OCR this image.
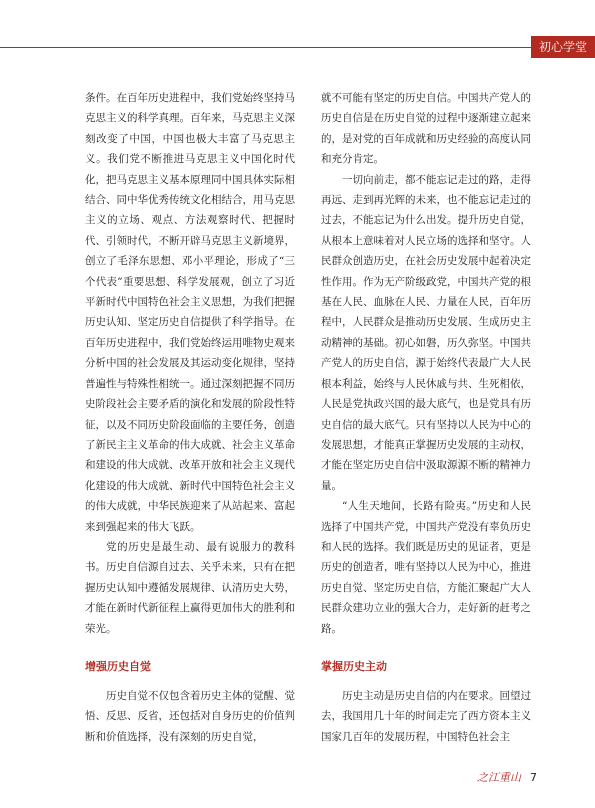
初心学堂

条件。在百年历史进程中，我们党始终坚持马克思主义的科学真理。百年来，马克思主义深刻改变了中国，中国也极大丰富了马克思主义。我们党不断推进马克思主义中国化时代化，把马克思主义基本原理同中国具体实际相结合、同中华优秀传统文化相结合，用马克思主义的立场、观点、方法观察时代、把握时代、引领时代，不断开辟马克思主义新境界，创立了毛泽东思想、邓小平理论，形成了“三个代表”重要思想、科学发展观，创立了习近平新时代中国特色社会主义思想，为我们把握历史认知、坚定历史自信提供了科学指导。在百年历史进程中，我们党始终运用唯物史观来分析中国的社会发展及其运动变化规律，坚持普遍性与特殊性相统一。通过深刻把握不同历史阶段社会主要矛盾的演化和发展的阶段性特征，以及不同历史阶段面临的主要任务，创造了新民主主义革命的伟大成就、社会主义革命和建设的伟大成就、改革开放和社会主义现代化建设的伟大成就、新时代中国特色社会主义的伟大成就，中华民族迎来了从站起来、富起来到强起来的伟大飞跃。

党的历史是最生动、最有说服力的教科书。历史自信源自过去、关乎未来，只有在把握历史认知中遵循发展规律、认清历史大势，才能在新时代新征程上赢得更加伟大的胜利和荣光。

增强历史自觉

历史自觉不仅包含着历史主体的觉醒、觉悟、反思、反省，还包括对自身历史的价值判断和价值选择，没有深刻的历史自觉，

就不可能有坚定的历史自信。中国共产党人的历史自信是在历史自觉的过程中逐渐建立起来的，是对党的百年成就和历史经验的高度认同和充分肯定。

一切向前走，都不能忘记走过的路，走得再远、走到再光辉的未来，也不能忘记走过的过去，不能忘记为什么出发。提升历史自觉，从根本上意味着对人民立场的选择和坚守。人民群众创造历史，在社会历史发展中起着决定性作用。作为无产阶级政党，中国共产党的根基在人民、血脉在人民、力量在人民，百年历程中，人民群众是推动历史发展、生成历史主动精神的基础。初心如磐，历久弥坚。中国共产党人的历史自信，源于始终代表最广大人民根本利益，始终与人民休戚与共、生死相依，人民是党执政兴国的最大底气，也是党具有历史自信的最大底气。只有坚持以人民为中心的发展思想，才能真正掌握历史发展的主动权，才能在坚定历史自信中汲取源源不断的精神力量。

“人生天地间，长路有险夷。”历史和人民选择了中国共产党，中国共产党没有辜负历史和人民的选择。我们既是历史的见证者，更是历史的创造者，唯有坚持以人民为中心，推进历史自觉、坚定历史自信，方能汇聚起广大人民群众建功立业的强大合力，走好新的赶考之路。

掌握历史主动

历史主动是历史自信的内在要求。回望过去，我国用几十年的时间走完了西方资本主义国家几百年的发展历程，中国特色社会主

之江重山 7
